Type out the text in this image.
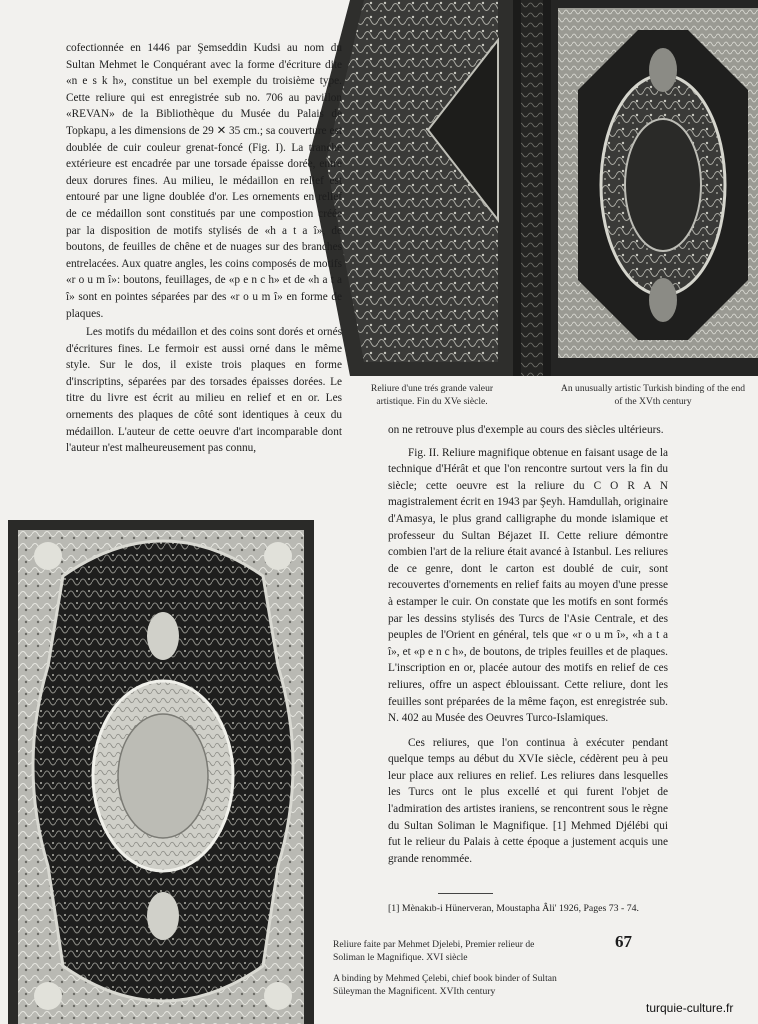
cofectionnée en 1446 par Şemseddin Kudsi au nom du Sultan Mehmet le Conquérant avec la forme d'écriture dite «n e s k h», constitue un bel exemple du troisième type. Cette reliure qui est enregistrée sub no. 706 au pavillon «REVAN» de la Bibliothèque du Musée du Palais de Topkapu, a les dimensions de 29 ✕ 35 cm.; sa couverture est doublée de cuir couleur grenat-foncé (Fig. I). La tranche extérieure est encadrée par une torsade épaisse dorée, entre deux dorures fines. Au milieu, le médaillon en relief est entouré par une ligne doublée d'or. Les ornements en relief de ce médaillon sont constitués par une compostion créée par la disposition de motifs stylisés de «h a t a î», de boutons, de feuilles de chêne et de nuages sur des branches entrelacées. Aux quatre angles, les coins composés de motifs «r o u m î»: boutons, feuillages, de «p e n c h» et de «h a t a î» sont en pointes séparées par des «r o u m î» en forme de plaques.

Les motifs du médaillon et des coins sont dorés et ornés d'écritures fines. Le fermoir est aussi orné dans le même style. Sur le dos, il existe trois plaques en forme d'inscriptins, séparées par des torsades épaisses dorées. Le titre du livre est écrit au milieu en relief et en or. Les ornements des plaques de côté sont identiques à ceux du médaillon. L'auteur de cette oeuvre d'art incomparable dont l'auteur n'est malheureusement pas connu,

Reliure d'une trés grande valeur artistique. Fin du XVe siècle.
An unusually artistic Turkish binding of the end of the XVth century

on ne retrouve plus d'exemple au cours des siècles ultérieurs.

Fig. II. Reliure magnifique obtenue en faisant usage de la technique d'Hérât et que l'on rencontre surtout vers la fin du siècle; cette oeuvre est la reliure du C O R A N magistralement écrit en 1943 par Şeyh. Hamdullah, originaire d'Amasya, le plus grand calligraphe du monde islamique et professeur du Sultan Béjazet II. Cette reliure démontre combien l'art de la reliure était avancé à Istanbul. Les reliures de ce genre, dont le carton est doublé de cuir, sont recouvertes d'ornements en relief faits au moyen d'une presse à estamper le cuir. On constate que les motifs en sont formés par les dessins stylisés des Turcs de l'Asie Centrale, et des peuples de l'Orient en général, tels que «r o u m î», «h a t a î», et «p e n c h», de boutons, de triples feuilles et de plaques. L'inscription en or, placée autour des motifs en relief de ces reliures, offre un aspect éblouissant. Cette reliure, dont les feuilles sont préparées de la même façon, est enregistrée sub. N. 402 au Musée des Oeuvres Turco-Islamiques.

Ces reliures, que l'on continua à exécuter pendant quelque temps au début du XVIe siècle, cédèrent peu à peu leur place aux reliures en relief. Les reliures dans lesquelles les Turcs ont le plus excellé et qui furent l'objet de l'admiration des artistes iraniens, se rencontrent sous le règne du Sultan Soliman le Magnifique. [1] Mehmed Djélébi qui fut le relieur du Palais à cette époque a justement acquis une grande renommée.

[1] Mènakıb-i Hünerveran, Moustapha Âli' 1926, Pages 73 - 74.
Reliure faite par Mehmet Djelebi, Premier relieur de Soliman le Magnifique. XVI siècle
A binding by Mehmed Çelebi, chief book binder of Sultan Süleyman the Magnificent. XVIth century
67
turquie-culture.fr
